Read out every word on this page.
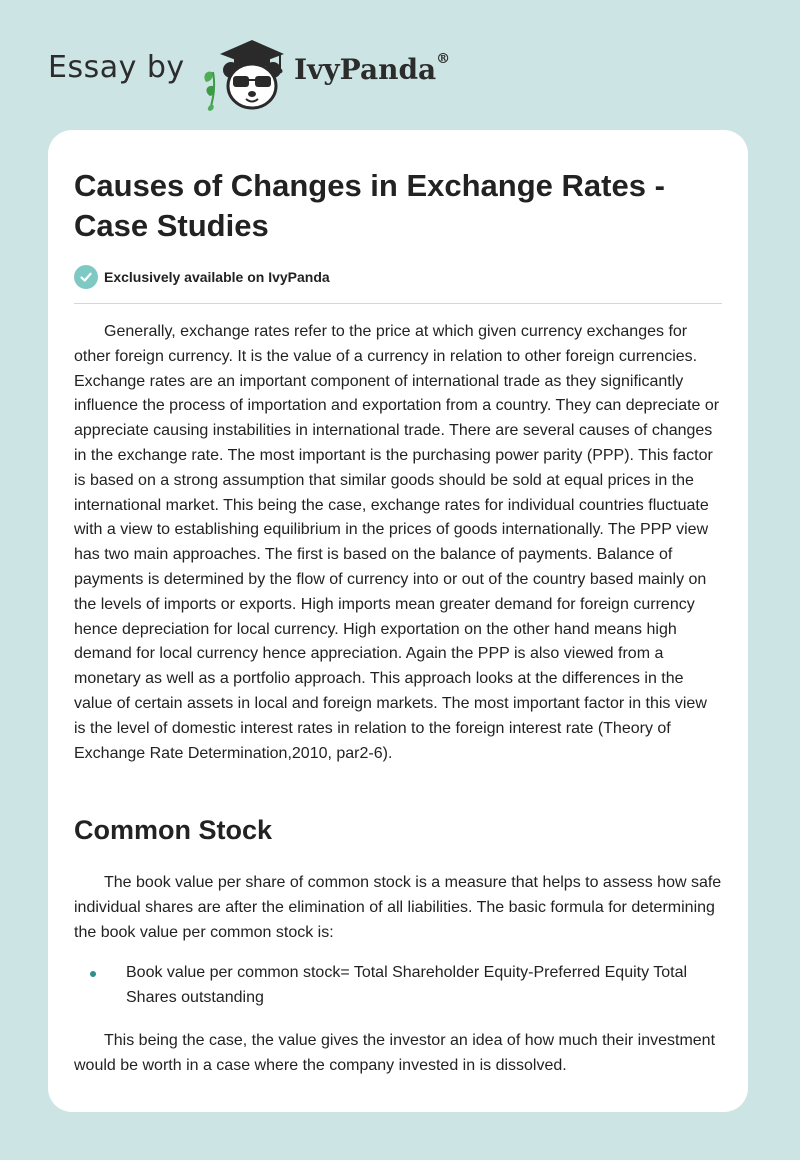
Essay by	IvyPanda®
Causes of Changes in Exchange Rates - Case Studies
Exclusively available on IvyPanda

Generally, exchange rates refer to the price at which given currency exchanges for other foreign currency. It is the value of a currency in relation to other foreign currencies. Exchange rates are an important component of international trade as they significantly influence the process of importation and exportation from a country. They can depreciate or appreciate causing instabilities in international trade. There are several causes of changes in the exchange rate. The most important is the purchasing power parity (PPP). This factor is based on a strong assumption that similar goods should be sold at equal prices in the international market. This being the case, exchange rates for individual countries fluctuate with a view to establishing equilibrium in the prices of goods internationally. The PPP view has two main approaches. The first is based on the balance of payments. Balance of payments is determined by the flow of currency into or out of the country based mainly on the levels of imports or exports. High imports mean greater demand for foreign currency hence depreciation for local currency. High exportation on the other hand means high demand for local currency hence appreciation. Again the PPP is also viewed from a monetary as well as a portfolio approach. This approach looks at the differences in the value of certain assets in local and foreign markets. The most important factor in this view is the level of domestic interest rates in relation to the foreign interest rate (Theory of Exchange Rate Determination,2010, par2-6).

Common Stock

The book value per share of common stock is a measure that helps to assess how safe individual shares are after the elimination of all liabilities. The basic formula for determining the book value per common stock is:

Book value per common stock= Total Shareholder Equity-Preferred Equity Total Shares outstanding

This being the case, the value gives the investor an idea of how much their investment would be worth in a case where the company invested in is dissolved.
